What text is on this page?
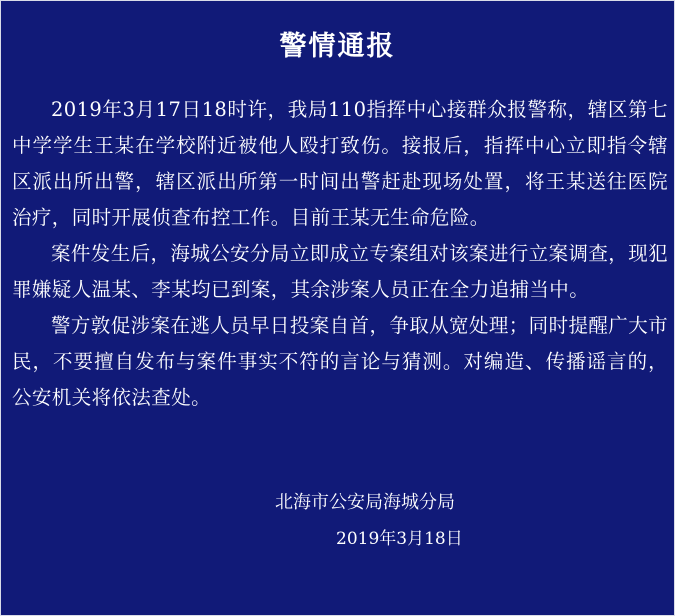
警情通报

2019年3月17日18时许，我局110指挥中心接群众报警称，辖区第七中学学生王某在学校附近被他人殴打致伤。接报后，指挥中心立即指令辖区派出所出警，辖区派出所第一时间出警赶赴现场处置，将王某送往医院治疗，同时开展侦查布控工作。目前王某无生命危险。

案件发生后，海城公安分局立即成立专案组对该案进行立案调查，现犯罪嫌疑人温某、李某均已到案，其余涉案人员正在全力追捕当中。

警方敦促涉案在逃人员早日投案自首，争取从宽处理；同时提醒广大市民，不要擅自发布与案件事实不符的言论与猜测。对编造、传播谣言的，公安机关将依法查处。

北海市公安局海城分局
2019年3月18日
